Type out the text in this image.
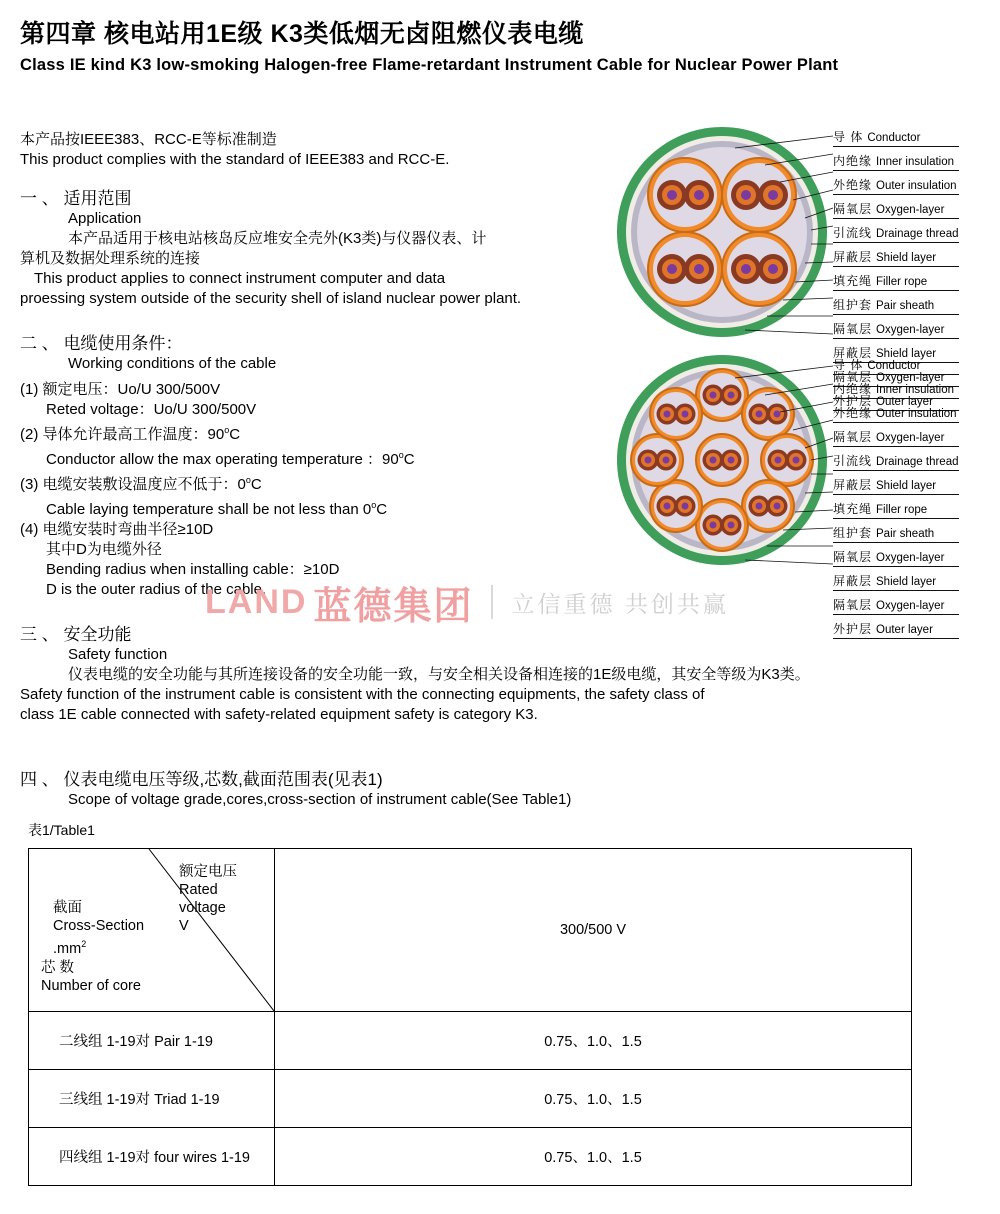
第四章 核电站用1E级 K3类低烟无卤阻燃仪表电缆
Class IE kind K3 low-smoking Halogen-free Flame-retardant Instrument Cable for Nuclear Power Plant
本产品按IEEE383、RCC-E等标准制造
This product complies with the standard of IEEE383 and RCC-E.
一 、 适用范围
Application
本产品适用于核电站核岛反应堆安全壳外(K3类)与仪器仪表、计
算机及数据处理系统的连接
This product applies to connect instrument computer and data
proessing system outside of the security shell of island nuclear power plant.
二 、 电缆使用条件：
Working conditions of the cable
(1) 额定电压：Uo/U 300/500V
Reted voltage：Uo/U 300/500V
(2) 导体允许最高工作温度：90$^o$C
Conductor allow the max operating temperature ：90$^o$C
(3) 电缆安装敷设温度应不低于：0$^o$C
Cable laying temperature shall be not less than 0$^o$C
(4) 电缆安装时弯曲半径≥10D
其中D为电缆外径
Bending radius when installing cable：≥10D
D is the outer radius of the cable.
三 、 安全功能
Safety function
仪表电缆的安全功能与其所连接设备的安全功能一致，与安全相关设备相连接的1E级电缆，其安全等级为K3类。
Safety function of the instrument cable is consistent with the connecting equipments, the safety class of
class 1E cable connected with safety-related equipment safety is category K3.
四 、 仪表电缆电压等级,芯数,截面范围表(见表1)
Scope of voltage grade,cores,cross-section of instrument cable(See Table1)
导 体 Conductor
内绝缘 Inner insulation
外绝缘 Outer insulation
隔氧层 Oxygen-layer
引流线 Drainage thread
屏蔽层 Shield layer
填充绳 Filler rope
组护套 Pair sheath
隔氧层 Oxygen-layer
屏蔽层 Shield layer
隔氧层 Oxygen-layer
外护层 Outer layer
导 体 Conductor
内绝缘 Inner insulation
外绝缘 Outer insulation
隔氧层 Oxygen-layer
引流线 Drainage thread
屏蔽层 Shield layer
填充绳 Filler rope
组护套 Pair sheath
隔氧层 Oxygen-layer
屏蔽层 Shield layer
隔氧层 Oxygen-layer
外护层 Outer layer
LAND 蓝德集团 立信重德 共创共赢
表1/Table1
额定电压
Rated
voltage
V
截面
Cross-Section
$.mm^2$
芯 数
Number of core
	300/500 V
二线组 1-19对 Pair 1-19	0.75、1.0、1.5
三线组 1-19对 Triad 1-19	0.75、1.0、1.5
四线组 1-19对 four wires 1-19	0.75、1.0、1.5
